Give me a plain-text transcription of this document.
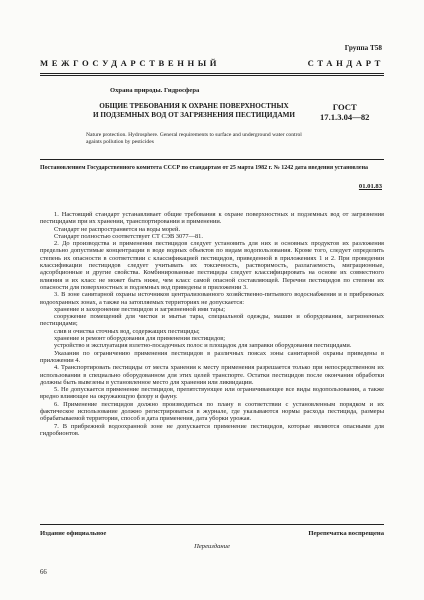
Группа Т58
МЕЖГОСУДАРСТВЕННЫЙ	СТАНДАРТ
Охрана природы. Гидросфера
ОБЩИЕ ТРЕБОВАНИЯ К ОХРАНЕ ПОВЕРХНОСТНЫХ
И ПОДЗЕМНЫХ ВОД ОТ ЗАГРЯЗНЕНИЯ ПЕСТИЦИДАМИ
ГОСТ
17.1.3.04—82
Nature protection. Hydrosphere. General requirements to surface and underground water control againts pollution by pesticides
Постановлением Государственного комитета СССР по стандартам от 25 марта 1982 г. № 1242 дата введения установлена
01.01.83

1. Настоящий стандарт устанавливает общие требования к охране поверхностных и подземных вод от загрязнения пестицидами при их хранении, транспортировании и применении.

Стандарт не распространяется на воды морей.

Стандарт полностью соответствует СТ СЭВ 3077—81.

2. До производства и применения пестицидов следует установить для них и основных продуктов их разложения предельно допустимые концентрации в воде водных объектов по видам водопользования. Кроме того, следует определить степень их опасности в соответствии с классификацией пестицидов, приведенной в приложениях 1 и 2. При проведении классификации пестицидов следует учитывать их токсичность, растворимость, разлагаемость, миграционные, адсорбционные и другие свойства. Комбинированные пестициды следует классифицировать на основе их совместного влияния и их класс не может быть ниже, чем класс самой опасной составляющей. Перечни пестицидов по степени их опасности для поверхностных и подземных вод приведены в приложении 3.

3. В зоне санитарной охраны источников централизованного хозяйственно-питьевого водоснабжения и в прибрежных водоохранных зонах, а также на затопляемых территориях не допускается:

хранение и захоронение пестицидов и загрязненной ими тары;

сооружение помещений для чистки и мытья тары, специальной одежды, машин и оборудования, загрязненных пестицидами;

слив и очистка сточных вод, содержащих пестициды;

хранение и ремонт оборудования для применения пестицидов;

устройство и эксплуатация взлетно-посадочных полос и площадок для заправки оборудования пестицидами.

Указания по ограничению применения пестицидов в различных поясах зоны санитарной охраны приведены в приложении 4.

4. Транспортировать пестициды от места хранения к месту применения разрешается только при непосредственном их использовании в специально оборудованном для этих целей транспорте. Остатки пестицидов после окончания обработки должны быть вывезены в установленное место для хранения или ликвидации.

5. Не допускается применение пестицидов, препятствующее или ограничивающее все виды водопользования, а также вредно влияющее на окружающую флору и фауну.

6. Применение пестицидов должно производиться по плану в соответствии с установленным порядком и их фактическое использование должно регистрироваться в журнале, где указываются нормы расхода пестицида, размеры обрабатываемой территории, способ и дата применения, дата уборки урожая.

7. В прибрежной водоохранной зоне не допускается применение пестицидов, которые являются опасными для гидробионтов.

Издание официальное	Перепечатка воспрещена
Переиздание
66
